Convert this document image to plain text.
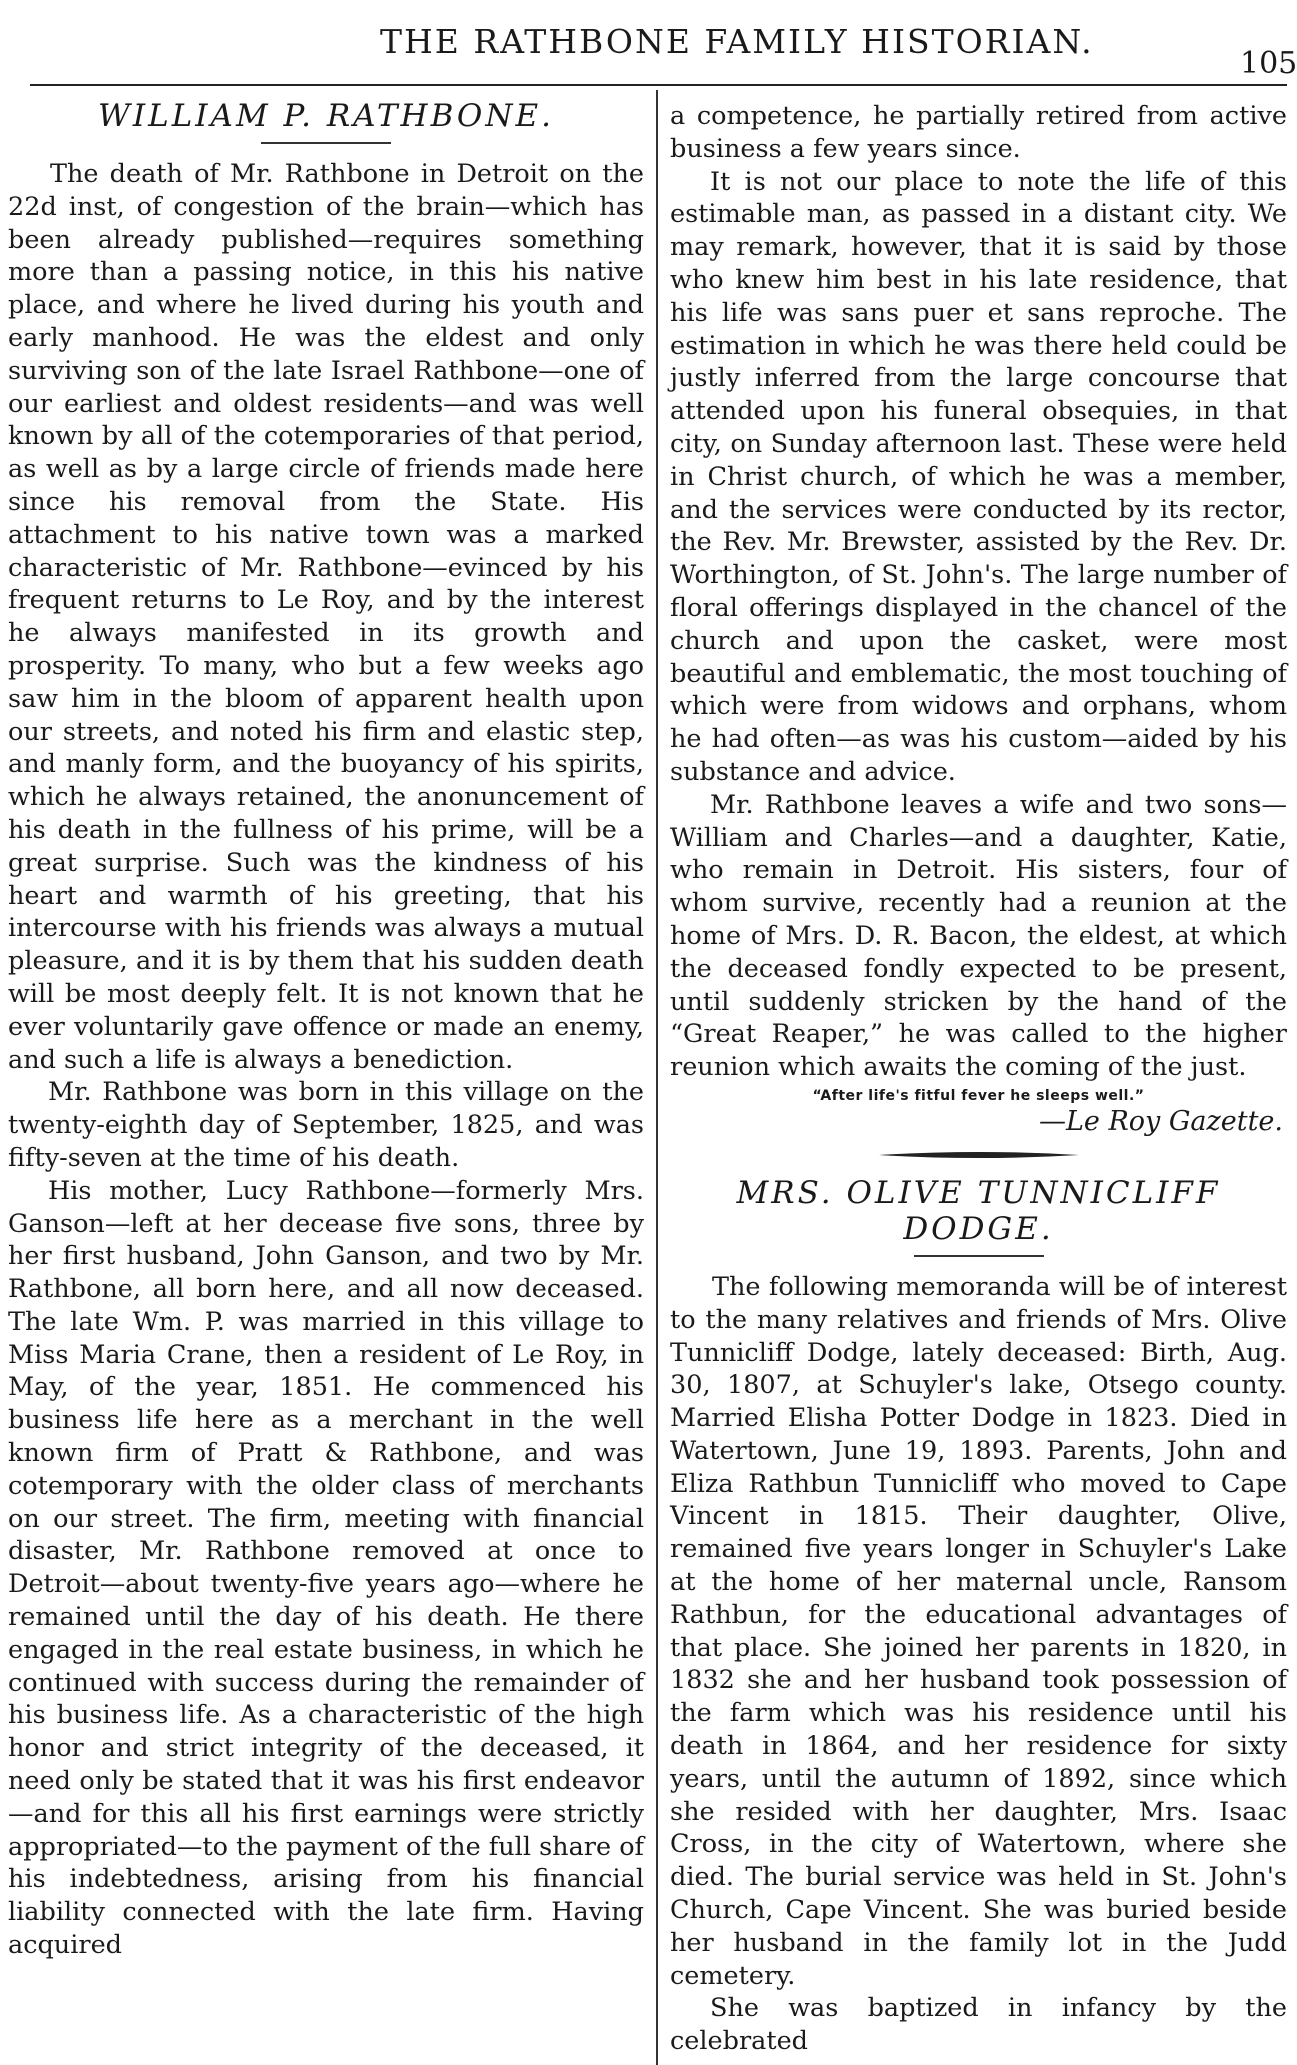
THE RATHBONE FAMILY HISTORIAN.
105
WILLIAM P. RATHBONE.

The death of Mr. Rathbone in Detroit on the 22d inst, of congestion of the brain—which has been already published—requires something more than a passing notice, in this his native place, and where he lived during his youth and early manhood. He was the eldest and only surviving son of the late Israel Rathbone—one of our earliest and oldest residents—and was well known by all of the cotemporaries of that period, as well as by a large circle of friends made here since his removal from the State. His attachment to his native town was a marked characteristic of Mr. Rathbone—evinced by his frequent returns to Le Roy, and by the interest he always manifested in its growth and prosperity. To many, who but a few weeks ago saw him in the bloom of apparent health upon our streets, and noted his firm and elastic step, and manly form, and the buoyancy of his spirits, which he always retained, the anonuncement of his death in the fullness of his prime, will be a great surprise. Such was the kindness of his heart and warmth of his greeting, that his intercourse with his friends was always a mutual pleasure, and it is by them that his sudden death will be most deeply felt. It is not known that he ever voluntarily gave offence or made an enemy, and such a life is always a benediction.

Mr. Rathbone was born in this village on the twenty-eighth day of September, 1825, and was fifty-seven at the time of his death.

His mother, Lucy Rathbone—formerly Mrs. Ganson—left at her decease five sons, three by her first husband, John Ganson, and two by Mr. Rathbone, all born here, and all now deceased. The late Wm. P. was married in this village to Miss Maria Crane, then a resident of Le Roy, in May, of the year, 1851. He commenced his business life here as a merchant in the well known firm of Pratt & Rathbone, and was cotemporary with the older class of merchants on our street. The firm, meeting with financial disaster, Mr. Rathbone removed at once to Detroit—about twenty-five years ago—where he remained until the day of his death. He there engaged in the real estate business, in which he continued with success during the remainder of his business life. As a characteristic of the high honor and strict integrity of the deceased, it need only be stated that it was his first endeavor—and for this all his first earnings were strictly appropriated—to the payment of the full share of his indebtedness, arising from his financial liability connected with the late firm. Having acquired

a competence, he partially retired from active business a few years since.

It is not our place to note the life of this estimable man, as passed in a distant city. We may remark, however, that it is said by those who knew him best in his late residence, that his life was sans puer et sans reproche. The estimation in which he was there held could be justly inferred from the large concourse that attended upon his funeral obsequies, in that city, on Sunday afternoon last. These were held in Christ church, of which he was a member, and the services were conducted by its rector, the Rev. Mr. Brewster, assisted by the Rev. Dr. Worthington, of St. John's. The large number of floral offerings displayed in the chancel of the church and upon the casket, were most beautiful and emblematic, the most touching of which were from widows and orphans, whom he had often—as was his custom—aided by his substance and advice.

Mr. Rathbone leaves a wife and two sons—William and Charles—and a daughter, Katie, who remain in Detroit. His sisters, four of whom survive, recently had a reunion at the home of Mrs. D. R. Bacon, the eldest, at which the deceased fondly expected to be present, until suddenly stricken by the hand of the “Great Reaper,” he was called to the higher reunion which awaits the coming of the just.

“After life's fitful fever he sleeps well.”
—Le Roy Gazette.
MRS. OLIVE TUNNICLIFF DODGE.

The following memoranda will be of interest to the many relatives and friends of Mrs. Olive Tunnicliff Dodge, lately deceased: Birth, Aug. 30, 1807, at Schuyler's lake, Otsego county. Married Elisha Potter Dodge in 1823. Died in Watertown, June 19, 1893. Parents, John and Eliza Rathbun Tunnicliff who moved to Cape Vincent in 1815. Their daughter, Olive, remained five years longer in Schuyler's Lake at the home of her maternal uncle, Ransom Rathbun, for the educational advantages of that place. She joined her parents in 1820, in 1832 she and her husband took possession of the farm which was his residence until his death in 1864, and her residence for sixty years, until the autumn of 1892, since which she resided with her daughter, Mrs. Isaac Cross, in the city of Watertown, where she died. The burial service was held in St. John's Church, Cape Vincent. She was buried beside her husband in the family lot in the Judd cemetery.

She was baptized in infancy by the celebrated
